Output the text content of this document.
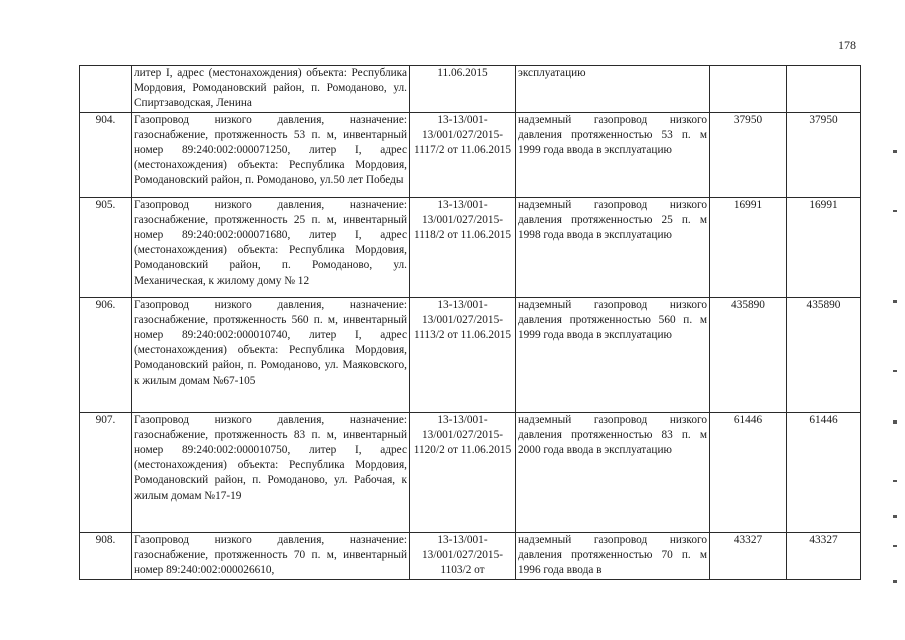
178
	литер I, адрес (местонахождения) объекта: Республика Мордовия, Ромодановский район, п. Ромоданово, ул. Спиртзаводская, Ленина	11.06.2015	эксплуатацию		
904.	Газопровод низкого давления, назначение: газоснабжение, протяженность 53 п. м, инвентарный номер 89:240:002:000071250, литер I, адрес (местонахождения) объекта: Республика Мордовия, Ромодановский район, п. Ромоданово, ул.50 лет Победы	13-13/001-13/001/027/2015-1117/2 от 11.06.2015	надземный газопровод низкого давления протяженностью 53 п. м 1999 года ввода в эксплуатацию	37950	37950
905.	Газопровод низкого давления, назначение: газоснабжение, протяженность 25 п. м, инвентарный номер 89:240:002:000071680, литер I, адрес (местонахождения) объекта: Республика Мордовия, Ромодановский район, п. Ромоданово, ул. Механическая, к жилому дому № 12	13-13/001-13/001/027/2015-1118/2 от 11.06.2015	надземный газопровод низкого давления протяженностью 25 п. м 1998 года ввода в эксплуатацию	16991	16991
906.	Газопровод низкого давления, назначение: газоснабжение, протяженность 560 п. м, инвентарный номер 89:240:002:000010740, литер I, адрес (местонахождения) объекта: Республика Мордовия, Ромодановский район, п. Ромоданово, ул. Маяковского, к жилым домам №67-105	13-13/001-13/001/027/2015-1113/2 от 11.06.2015	надземный газопровод низкого давления протяженностью 560 п. м 1999 года ввода в эксплуатацию	435890	435890
907.	Газопровод низкого давления, назначение: газоснабжение, протяженность 83 п. м, инвентарный номер 89:240:002:000010750, литер I, адрес (местонахождения) объекта: Республика Мордовия, Ромодановский район, п. Ромоданово, ул. Рабочая, к жилым домам №17-19	13-13/001-13/001/027/2015-1120/2 от 11.06.2015	надземный газопровод низкого давления протяженностью 83 п. м 2000 года ввода в эксплуатацию	61446	61446
908.	Газопровод низкого давления, назначение: газоснабжение, протяженность 70 п. м, инвентарный номер 89:240:002:000026610,	13-13/001-13/001/027/2015-1103/2 от	надземный газопровод низкого давления протяженностью 70 п. м 1996 года ввода в	43327	43327
